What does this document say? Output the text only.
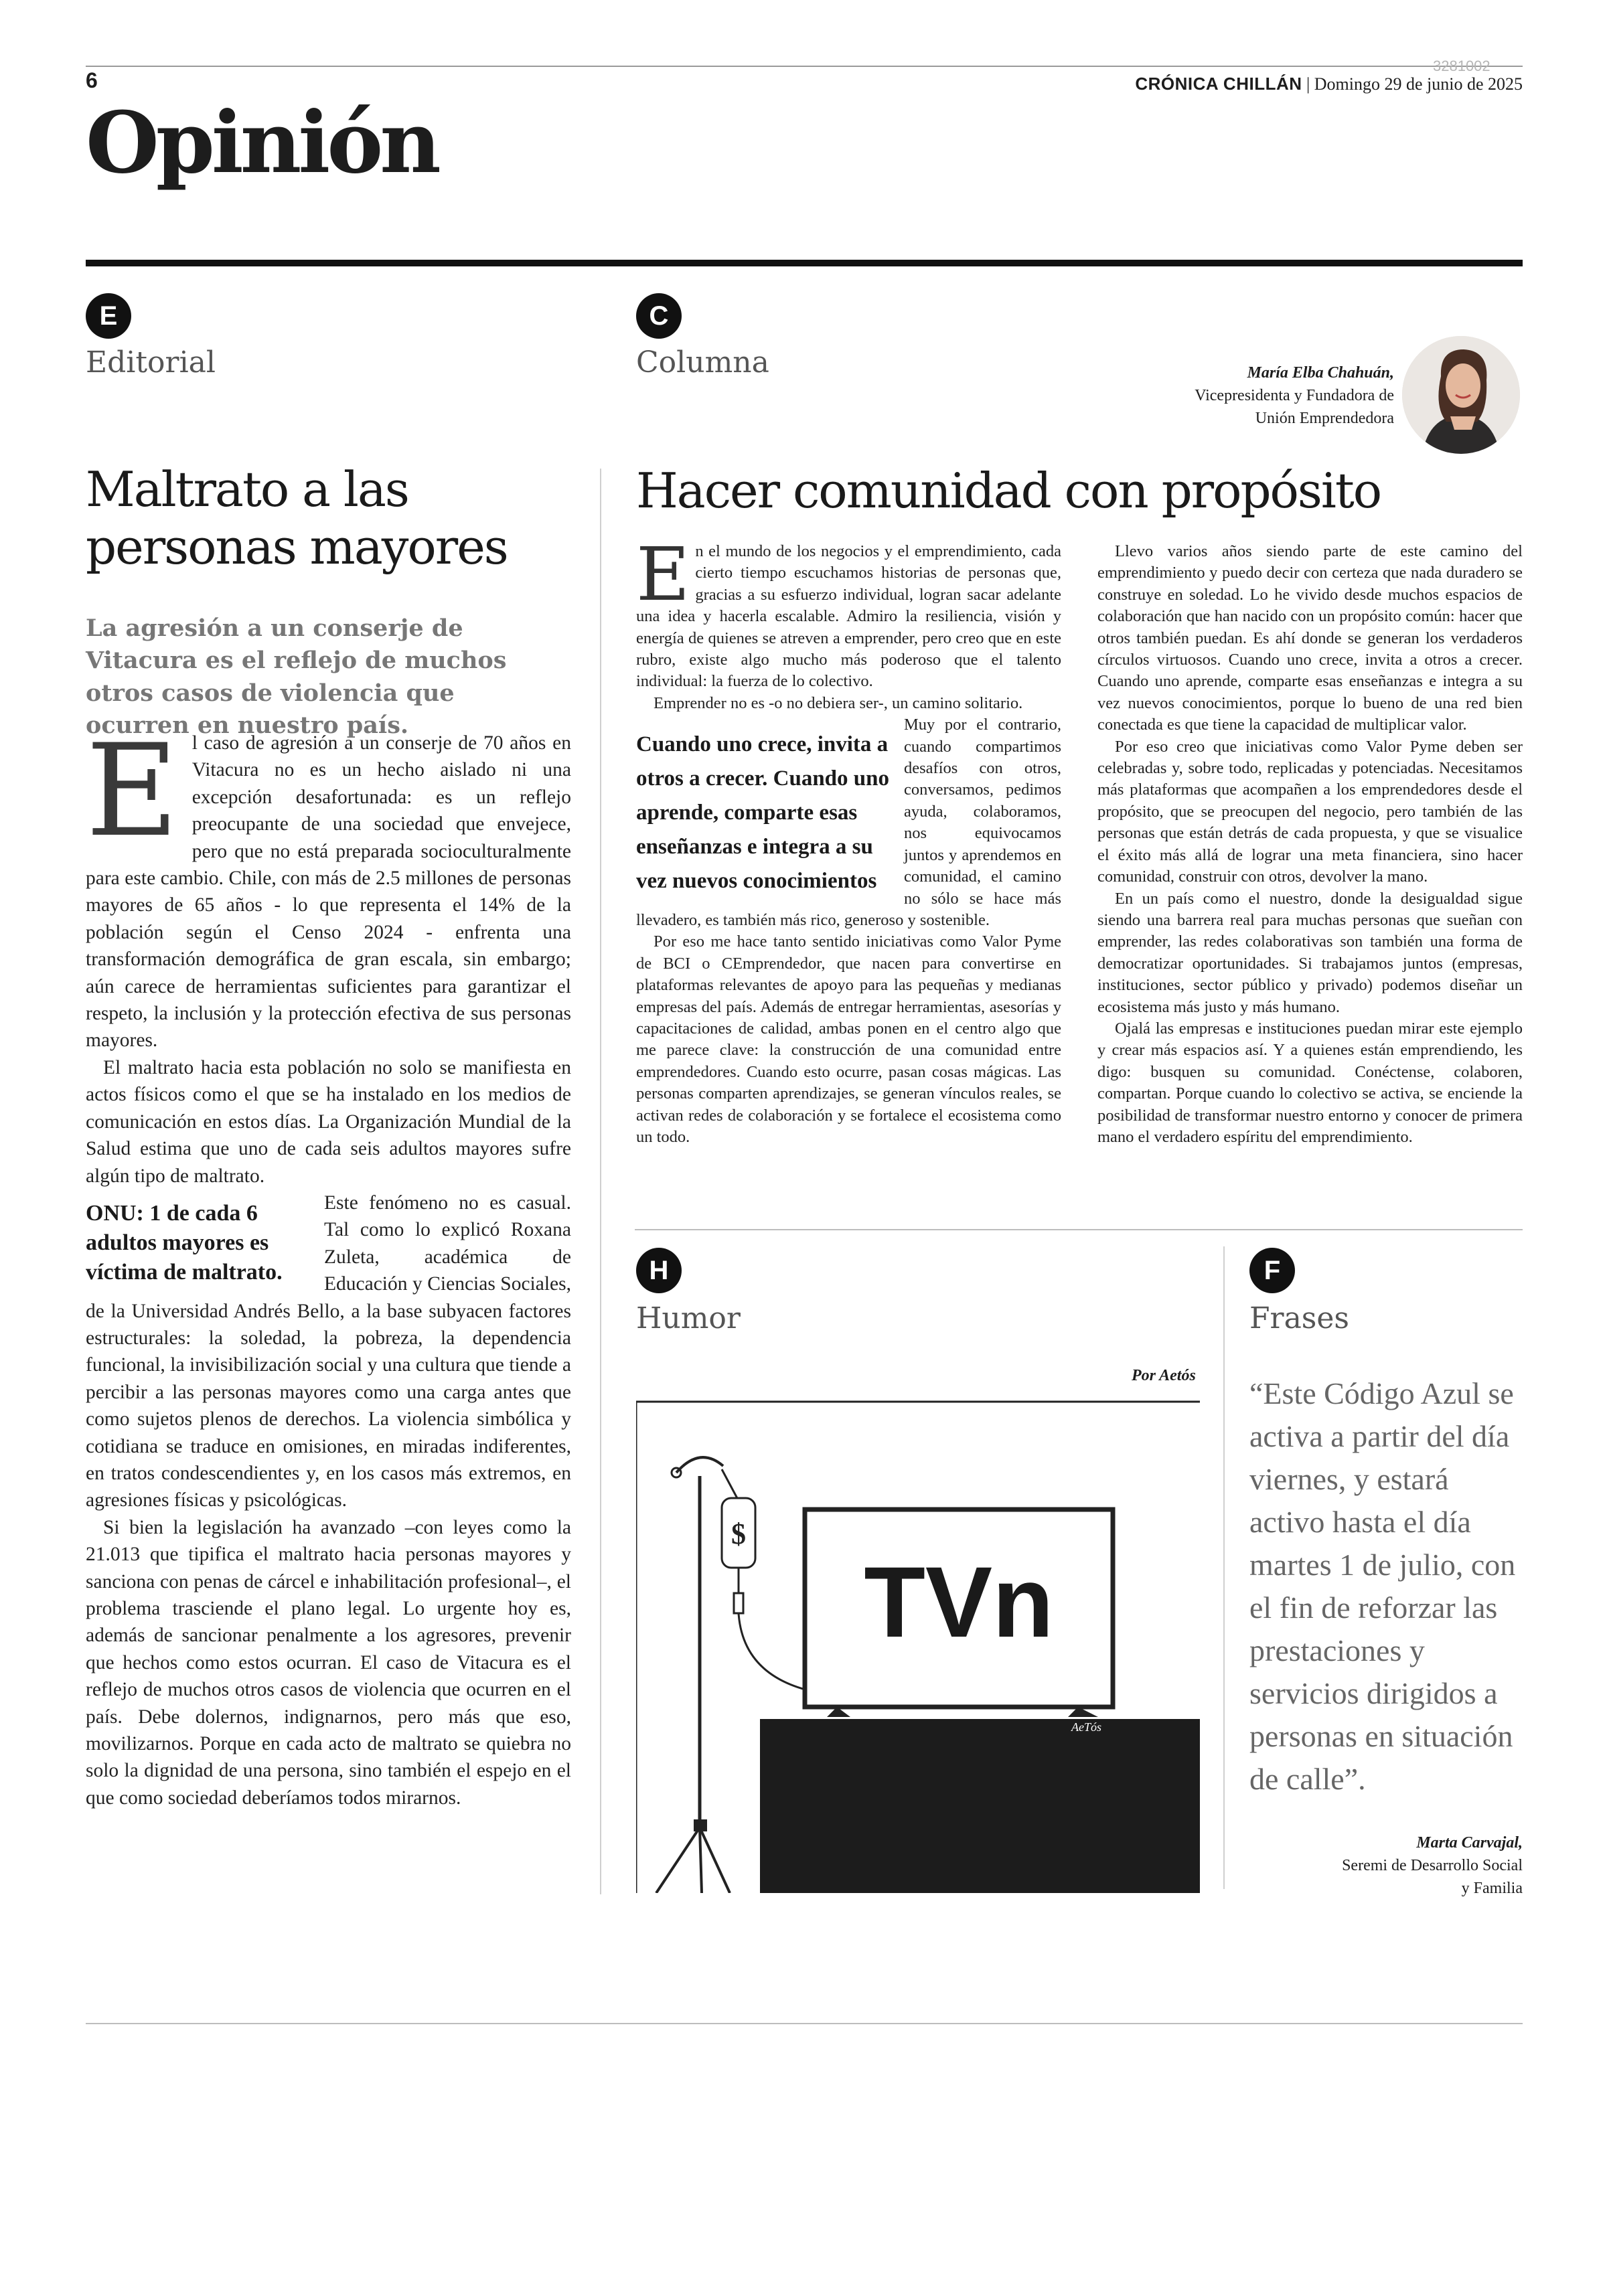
6
3281002
CRÓNICA CHILLÁN | Domingo 29 de junio de 2025
Opinión
E
Editorial
Maltrato a las personas mayores
La agresión a un conserje de Vitacura es el reflejo de muchos otros casos de violencia que ocurren en nuestro país.

El caso de agresión a un conserje de 70 años en Vitacura no es un hecho aislado ni una excepción desafortunada: es un reflejo preocupante de una sociedad que envejece, pero que no está preparada socioculturalmente para este cambio. Chile, con más de 2.5 millones de personas mayores de 65 años - lo que representa el 14% de la población según el Censo 2024 - enfrenta una transformación demográfica de gran escala, sin embargo; aún carece de herramientas suficientes para garantizar el respeto, la inclusión y la protección efectiva de sus personas mayores.

El maltrato hacia esta población no solo se manifiesta en actos físicos como el que se ha instalado en los medios de comunicación en estos días. La Organización Mundial de la Salud estima que uno de cada seis adultos mayores sufre algún tipo de maltrato.

ONU: 1 de cada 6 adultos mayores es víctima de maltrato.
Este fenómeno no es casual. Tal como lo explicó Roxana Zuleta, académica de Educación y Ciencias Sociales, de la Universidad Andrés Bello, a la base subyacen factores estructurales: la soledad, la pobreza, la dependencia funcional, la invisibilización social y una cultura que tiende a percibir a las personas mayores como una carga antes que como sujetos plenos de derechos. La violencia simbólica y cotidiana se traduce en omisiones, en miradas indiferentes, en tratos condescendientes y, en los casos más extremos, en agresiones físicas y psicológicas.

Si bien la legislación ha avanzado –con leyes como la 21.013 que tipifica el maltrato hacia personas mayores y sanciona con penas de cárcel e inhabilitación profesional–, el problema trasciende el plano legal. Lo urgente hoy es, además de sancionar penalmente a los agresores, prevenir que hechos como estos ocurran. El caso de Vitacura es el reflejo de muchos otros casos de violencia que ocurren en el país. Debe dolernos, indignarnos, pero más que eso, movilizarnos. Porque en cada acto de maltrato se quiebra no solo la dignidad de una persona, sino también el espejo en el que como sociedad deberíamos todos mirarnos.

C
Columna	María Elba Chahuán,
Vicepresidenta y Fundadora de
Unión Emprendedora
Hacer comunidad con propósito

En el mundo de los negocios y el emprendimiento, cada cierto tiempo escuchamos historias de personas que, gracias a su esfuerzo individual, logran sacar adelante una idea y hacerla escalable. Admiro la resiliencia, visión y energía de quienes se atreven a emprender, pero creo que en este rubro, existe algo mucho más poderoso que el talento individual: la fuerza de lo colectivo.

Emprender no es -o no debiera ser-, un camino solitario.

Cuando uno crece, invita a otros a crecer. Cuando uno aprende, comparte esas enseñanzas e integra a su vez nuevos conocimientos
Muy por el contrario, cuando compartimos desafíos con otros, conversamos, pedimos ayuda, colaboramos, nos equivocamos juntos y aprendemos en comunidad, el camino no sólo se hace más llevadero, es también más rico, generoso y sostenible.

Por eso me hace tanto sentido iniciativas como Valor Pyme de BCI o CEmprendedor, que nacen para convertirse en plataformas relevantes de apoyo para las pequeñas y medianas empresas del país. Además de entregar herramientas, asesorías y capacitaciones de calidad, ambas ponen en el centro algo que me parece clave: la construcción de una comunidad entre emprendedores. Cuando esto ocurre, pasan cosas mágicas. Las personas comparten aprendizajes, se generan vínculos reales, se activan redes de colaboración y se fortalece el ecosistema como un todo.

Llevo varios años siendo parte de este camino del emprendimiento y puedo decir con certeza que nada duradero se construye en soledad. Lo he vivido desde muchos espacios de colaboración que han nacido con un propósito común: hacer que otros también puedan. Es ahí donde se generan los verdaderos círculos virtuosos. Cuando uno crece, invita a otros a crecer. Cuando uno aprende, comparte esas enseñanzas e integra a su vez nuevos conocimientos, porque lo bueno de una red bien conectada es que tiene la capacidad de multiplicar valor.

Por eso creo que iniciativas como Valor Pyme deben ser celebradas y, sobre todo, replicadas y potenciadas. Necesitamos más plataformas que acompañen a los emprendedores desde el propósito, que se preocupen del negocio, pero también de las personas que están detrás de cada propuesta, y que se visualice el éxito más allá de lograr una meta financiera, sino hacer comunidad, construir con otros, devolver la mano.

En un país como el nuestro, donde la desigualdad sigue siendo una barrera real para muchas personas que sueñan con emprender, las redes colaborativas son también una forma de democratizar oportunidades. Si trabajamos juntos (empresas, instituciones, sector público y privado) podemos diseñar un ecosistema más justo y más humano.

Ojalá las empresas e instituciones puedan mirar este ejemplo y crear más espacios así. Y a quienes están emprendiendo, les digo: busquen su comunidad. Conéctense, colaboren, compartan. Porque cuando lo colectivo se activa, se enciende la posibilidad de transformar nuestro entorno y conocer de primera mano el verdadero espíritu del emprendimiento.

H
Humor
Por Aetós
$
TVn
AeTós
F
Frases
“Este Código Azul se activa a partir del día viernes, y estará activo hasta el día martes 1 de julio, con el fin de reforzar las prestaciones y servicios dirigidos a personas en situación de calle”.
Marta Carvajal,
Seremi de Desarrollo Social
y Familia
